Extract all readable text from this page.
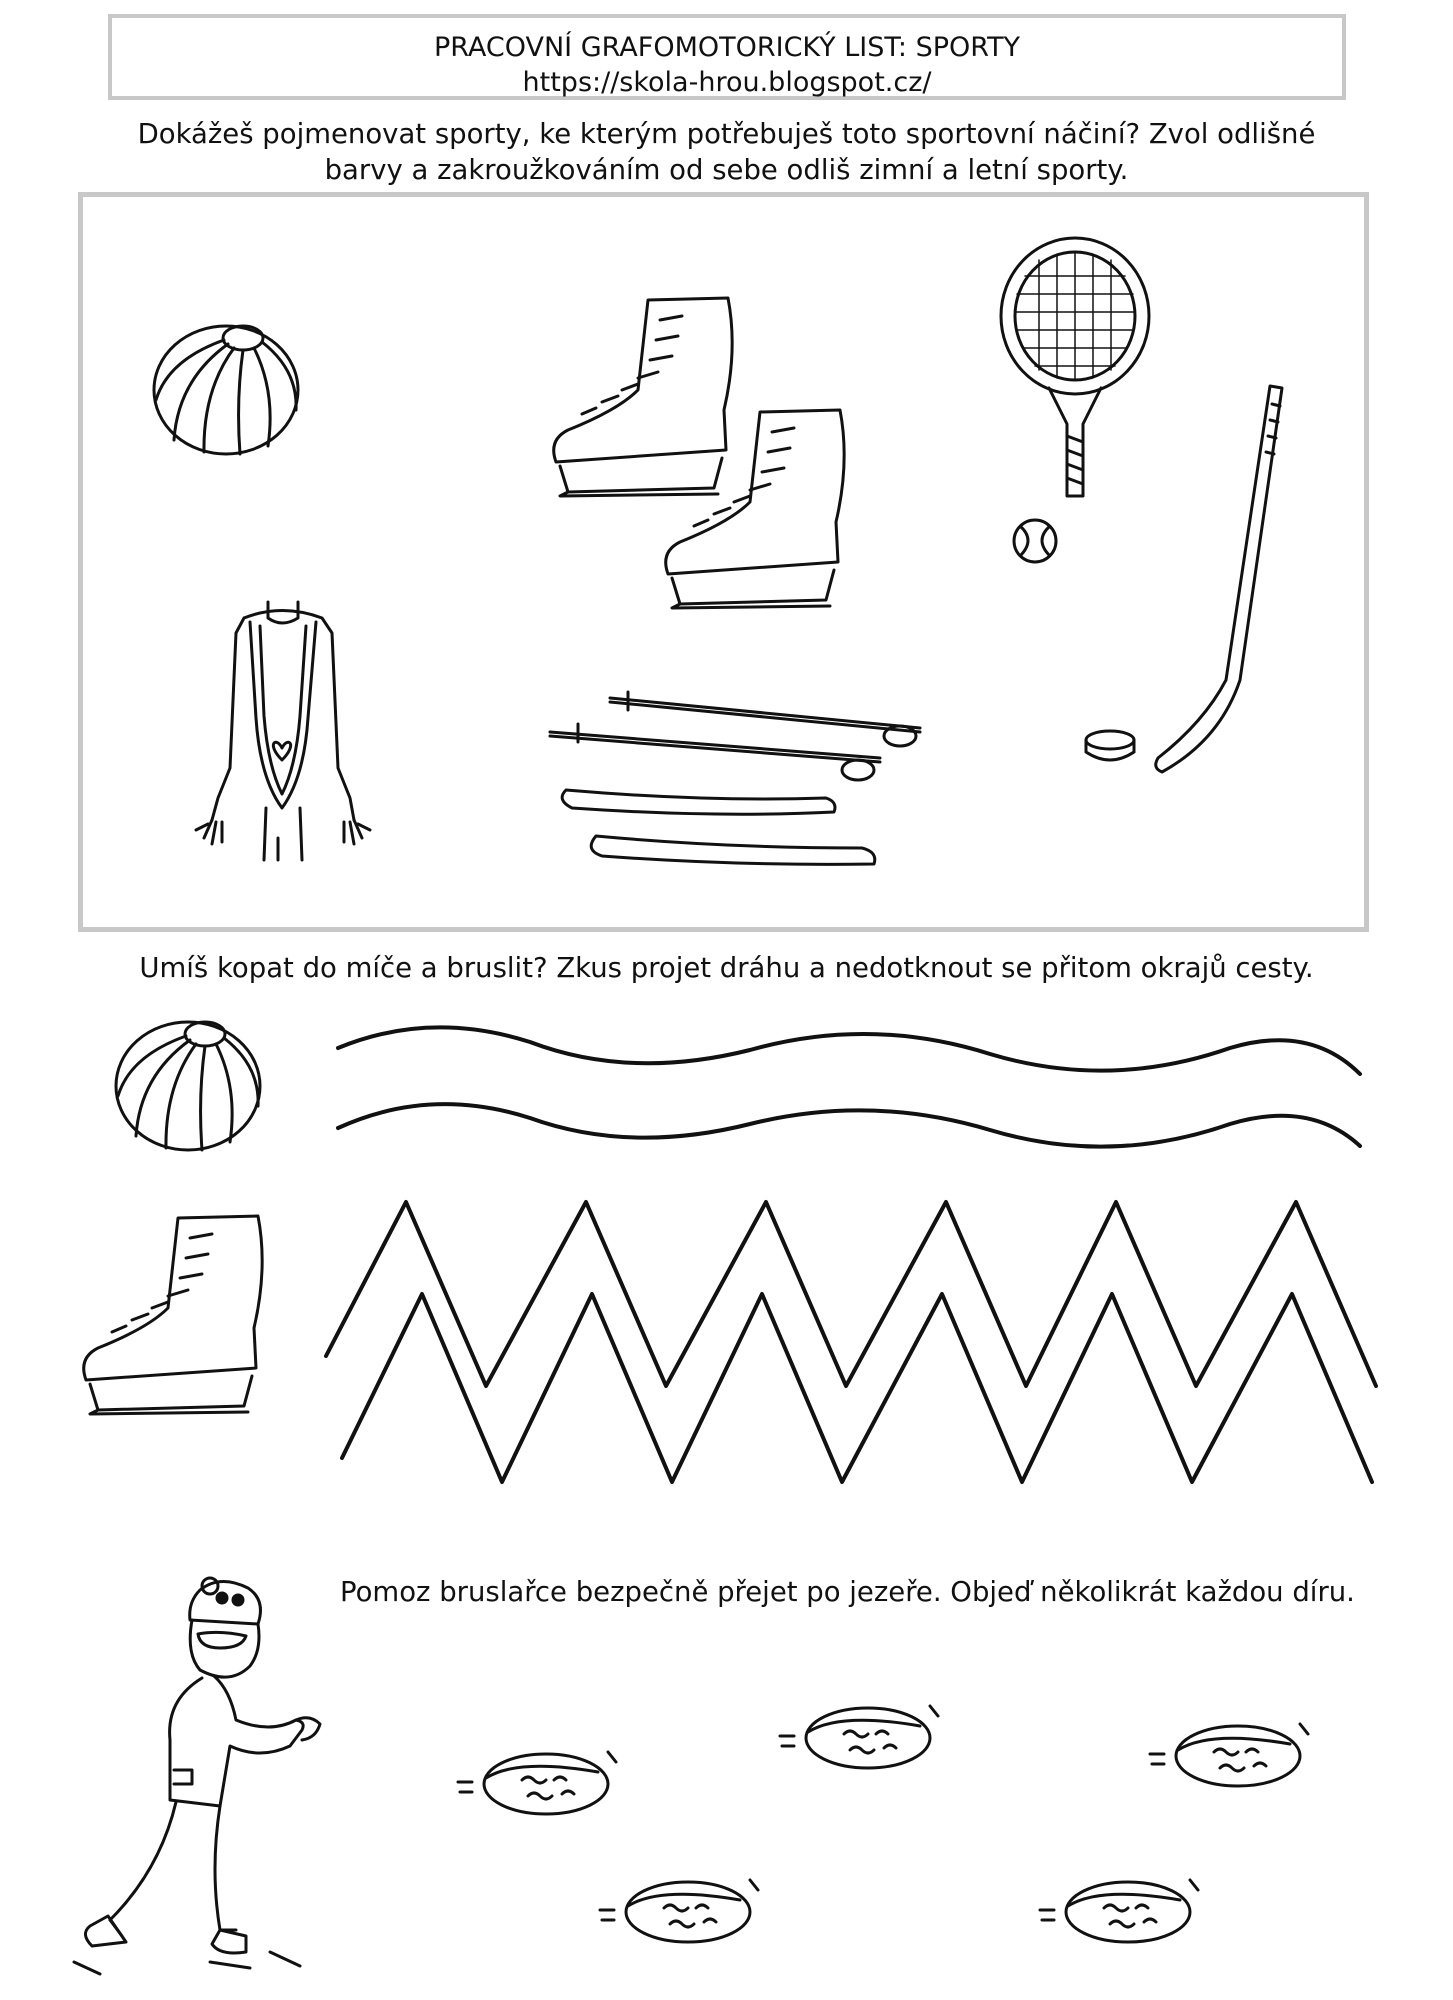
PRACOVNÍ GRAFOMOTORICKÝ LIST: SPORTY
https://skola-hrou.blogspot.cz/
Dokážeš pojmenovat sporty, ke kterým potřebuješ toto sportovní náčiní? Zvol odlišné
barvy a zakroužkováním od sebe odliš zimní a letní sporty.
Umíš kopat do míče a bruslit? Zkus projet dráhu a nedotknout se přitom okrajů cesty.
Pomoz bruslařce bezpečně přejet po jezeře. Objeď několikrát každou díru.
